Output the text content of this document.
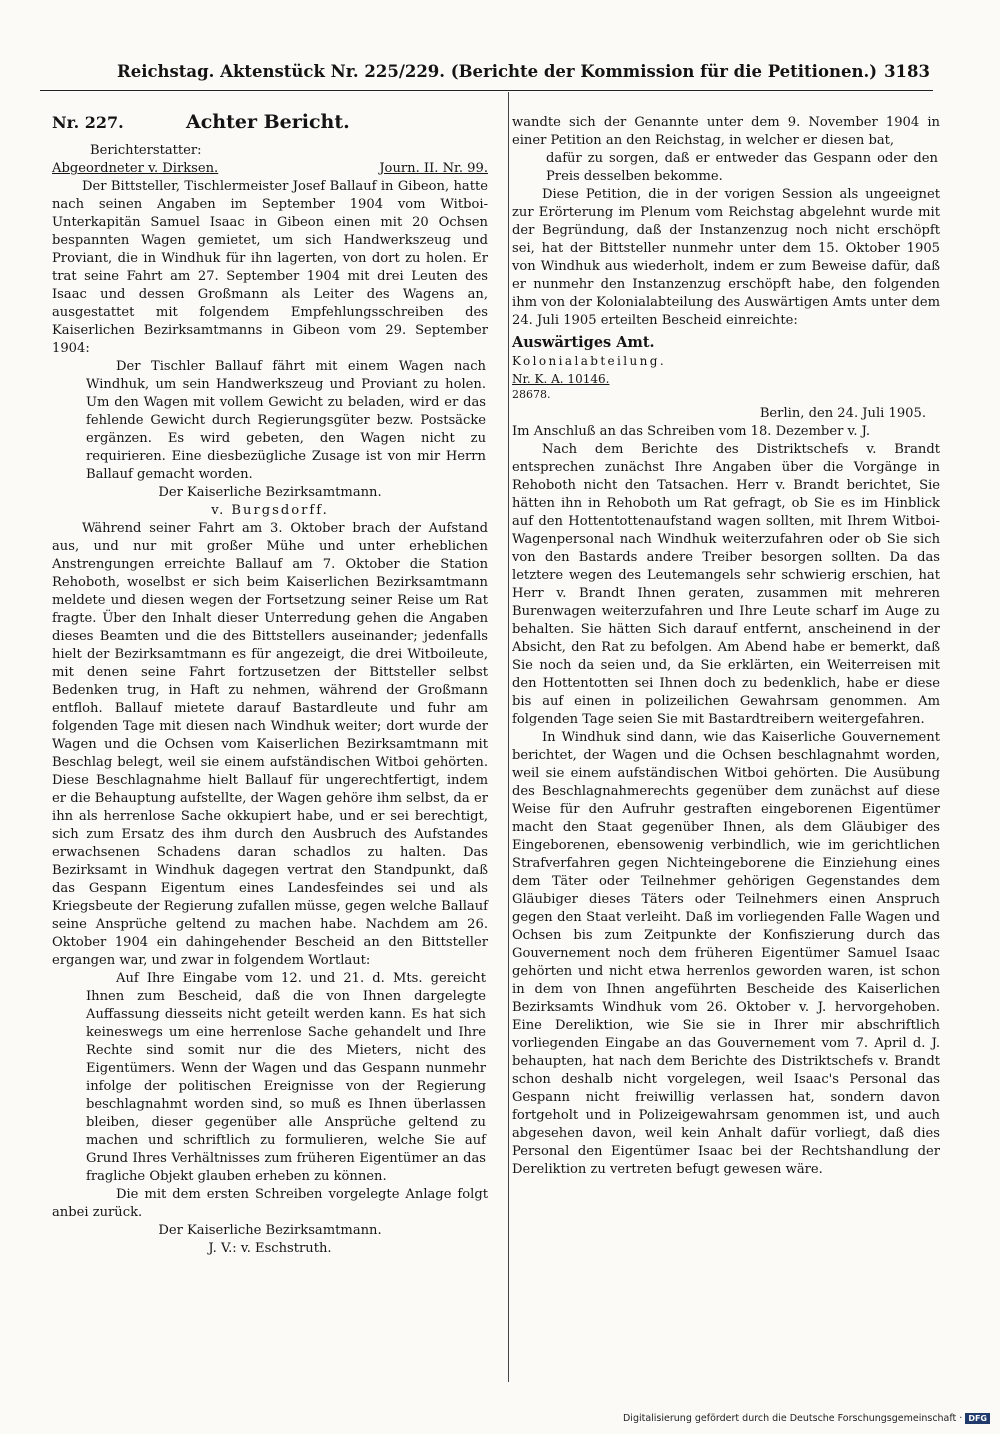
Reichstag. Aktenstück Nr. 225/229. (Berichte der Kommission für die Petitionen.) 3183
Nr. 227.	Achter Bericht.

Berichterstatter:

Abgeordneter v. Dirksen.	Journ. II. Nr. 99.

Der Bittsteller, Tischlermeister Josef Ballauf in Gibeon, hatte nach seinen Angaben im September 1904 vom Witboi-Unterkapitän Samuel Isaac in Gibeon einen mit 20 Ochsen bespannten Wagen gemietet, um sich Handwerkszeug und Proviant, die in Windhuk für ihn lagerten, von dort zu holen. Er trat seine Fahrt am 27. September 1904 mit drei Leuten des Isaac und dessen Großmann als Leiter des Wagens an, ausgestattet mit folgendem Empfehlungsschreiben des Kaiserlichen Bezirksamtmanns in Gibeon vom 29. September 1904:

Der Tischler Ballauf fährt mit einem Wagen nach Windhuk, um sein Handwerkszeug und Proviant zu holen. Um den Wagen mit vollem Gewicht zu beladen, wird er das fehlende Gewicht durch Regierungsgüter bezw. Postsäcke ergänzen. Es wird gebeten, den Wagen nicht zu requirieren. Eine diesbezügliche Zusage ist von mir Herrn Ballauf gemacht worden.

Der Kaiserliche Bezirksamtmann.

v. Burgsdorff.

Während seiner Fahrt am 3. Oktober brach der Aufstand aus, und nur mit großer Mühe und unter erheblichen Anstrengungen erreichte Ballauf am 7. Oktober die Station Rehoboth, woselbst er sich beim Kaiserlichen Bezirksamtmann meldete und diesen wegen der Fortsetzung seiner Reise um Rat fragte. Über den Inhalt dieser Unterredung gehen die Angaben dieses Beamten und die des Bittstellers auseinander; jedenfalls hielt der Bezirksamtmann es für angezeigt, die drei Witboileute, mit denen seine Fahrt fortzusetzen der Bittsteller selbst Bedenken trug, in Haft zu nehmen, während der Großmann entfloh. Ballauf mietete darauf Bastardleute und fuhr am folgenden Tage mit diesen nach Windhuk weiter; dort wurde der Wagen und die Ochsen vom Kaiserlichen Bezirksamtmann mit Beschlag belegt, weil sie einem aufständischen Witboi gehörten. Diese Beschlagnahme hielt Ballauf für ungerechtfertigt, indem er die Behauptung aufstellte, der Wagen gehöre ihm selbst, da er ihn als herrenlose Sache okkupiert habe, und er sei berechtigt, sich zum Ersatz des ihm durch den Ausbruch des Aufstandes erwachsenen Schadens daran schadlos zu halten. Das Bezirksamt in Windhuk dagegen vertrat den Standpunkt, daß das Gespann Eigentum eines Landesfeindes sei und als Kriegsbeute der Regierung zufallen müsse, gegen welche Ballauf seine Ansprüche geltend zu machen habe. Nachdem am 26. Oktober 1904 ein dahingehender Bescheid an den Bittsteller ergangen war, und zwar in folgendem Wortlaut:

Auf Ihre Eingabe vom 12. und 21. d. Mts. gereicht Ihnen zum Bescheid, daß die von Ihnen dargelegte Auffassung diesseits nicht geteilt werden kann. Es hat sich keineswegs um eine herrenlose Sache gehandelt und Ihre Rechte sind somit nur die des Mieters, nicht des Eigentümers. Wenn der Wagen und das Gespann nunmehr infolge der politischen Ereignisse von der Regierung beschlagnahmt worden sind, so muß es Ihnen überlassen bleiben, dieser gegenüber alle Ansprüche geltend zu machen und schriftlich zu formulieren, welche Sie auf Grund Ihres Verhältnisses zum früheren Eigentümer an das fragliche Objekt glauben erheben zu können.

Die mit dem ersten Schreiben vorgelegte Anlage folgt anbei zurück.

Der Kaiserliche Bezirksamtmann.

J. V.: v. Eschstruth.

wandte sich der Genannte unter dem 9. November 1904 in einer Petition an den Reichstag, in welcher er diesen bat,

dafür zu sorgen, daß er entweder das Gespann oder den Preis desselben bekomme.

Diese Petition, die in der vorigen Session als ungeeignet zur Erörterung im Plenum vom Reichstag abgelehnt wurde mit der Begründung, daß der Instanzenzug noch nicht erschöpft sei, hat der Bittsteller nunmehr unter dem 15. Oktober 1905 von Windhuk aus wiederholt, indem er zum Beweise dafür, daß er nunmehr den Instanzenzug erschöpft habe, den folgenden ihm von der Kolonialabteilung des Auswärtigen Amts unter dem 24. Juli 1905 erteilten Bescheid einreichte:

Auswärtiges Amt.

Kolonialabteilung.

Nr. K. A. 10146.

28678.

Berlin, den 24. Juli 1905.

Im Anschluß an das Schreiben vom 18. Dezember v. J.

Nach dem Berichte des Distriktschefs v. Brandt entsprechen zunächst Ihre Angaben über die Vorgänge in Rehoboth nicht den Tatsachen. Herr v. Brandt berichtet, Sie hätten ihn in Rehoboth um Rat gefragt, ob Sie es im Hinblick auf den Hottentottenaufstand wagen sollten, mit Ihrem Witboi-Wagenpersonal nach Windhuk weiterzufahren oder ob Sie sich von den Bastards andere Treiber besorgen sollten. Da das letztere wegen des Leutemangels sehr schwierig erschien, hat Herr v. Brandt Ihnen geraten, zusammen mit mehreren Burenwagen weiterzufahren und Ihre Leute scharf im Auge zu behalten. Sie hätten Sich darauf entfernt, anscheinend in der Absicht, den Rat zu befolgen. Am Abend habe er bemerkt, daß Sie noch da seien und, da Sie erklärten, ein Weiterreisen mit den Hottentotten sei Ihnen doch zu bedenklich, habe er diese bis auf einen in polizeilichen Gewahrsam genommen. Am folgenden Tage seien Sie mit Bastardtreibern weitergefahren.

In Windhuk sind dann, wie das Kaiserliche Gouvernement berichtet, der Wagen und die Ochsen beschlagnahmt worden, weil sie einem aufständischen Witboi gehörten. Die Ausübung des Beschlagnahmerechts gegenüber dem zunächst auf diese Weise für den Aufruhr gestraften eingeborenen Eigentümer macht den Staat gegenüber Ihnen, als dem Gläubiger des Eingeborenen, ebensowenig verbindlich, wie im gerichtlichen Strafverfahren gegen Nichteingeborene die Einziehung eines dem Täter oder Teilnehmer gehörigen Gegenstandes dem Gläubiger dieses Täters oder Teilnehmers einen Anspruch gegen den Staat verleiht. Daß im vorliegenden Falle Wagen und Ochsen bis zum Zeitpunkte der Konfiszierung durch das Gouvernement noch dem früheren Eigentümer Samuel Isaac gehörten und nicht etwa herrenlos geworden waren, ist schon in dem von Ihnen angeführten Bescheide des Kaiserlichen Bezirksamts Windhuk vom 26. Oktober v. J. hervorgehoben. Eine Dereliktion, wie Sie sie in Ihrer mir abschriftlich vorliegenden Eingabe an das Gouvernement vom 7. April d. J. behaupten, hat nach dem Berichte des Distriktschefs v. Brandt schon deshalb nicht vorgelegen, weil Isaac's Personal das Gespann nicht freiwillig verlassen hat, sondern davon fortgeholt und in Polizeigewahrsam genommen ist, und auch abgesehen davon, weil kein Anhalt dafür vorliegt, daß dies Personal den Eigentümer Isaac bei der Rechtshandlung der Dereliktion zu vertreten befugt gewesen wäre.

Digitalisierung gefördert durch die Deutsche Forschungsgemeinschaft · DFG
